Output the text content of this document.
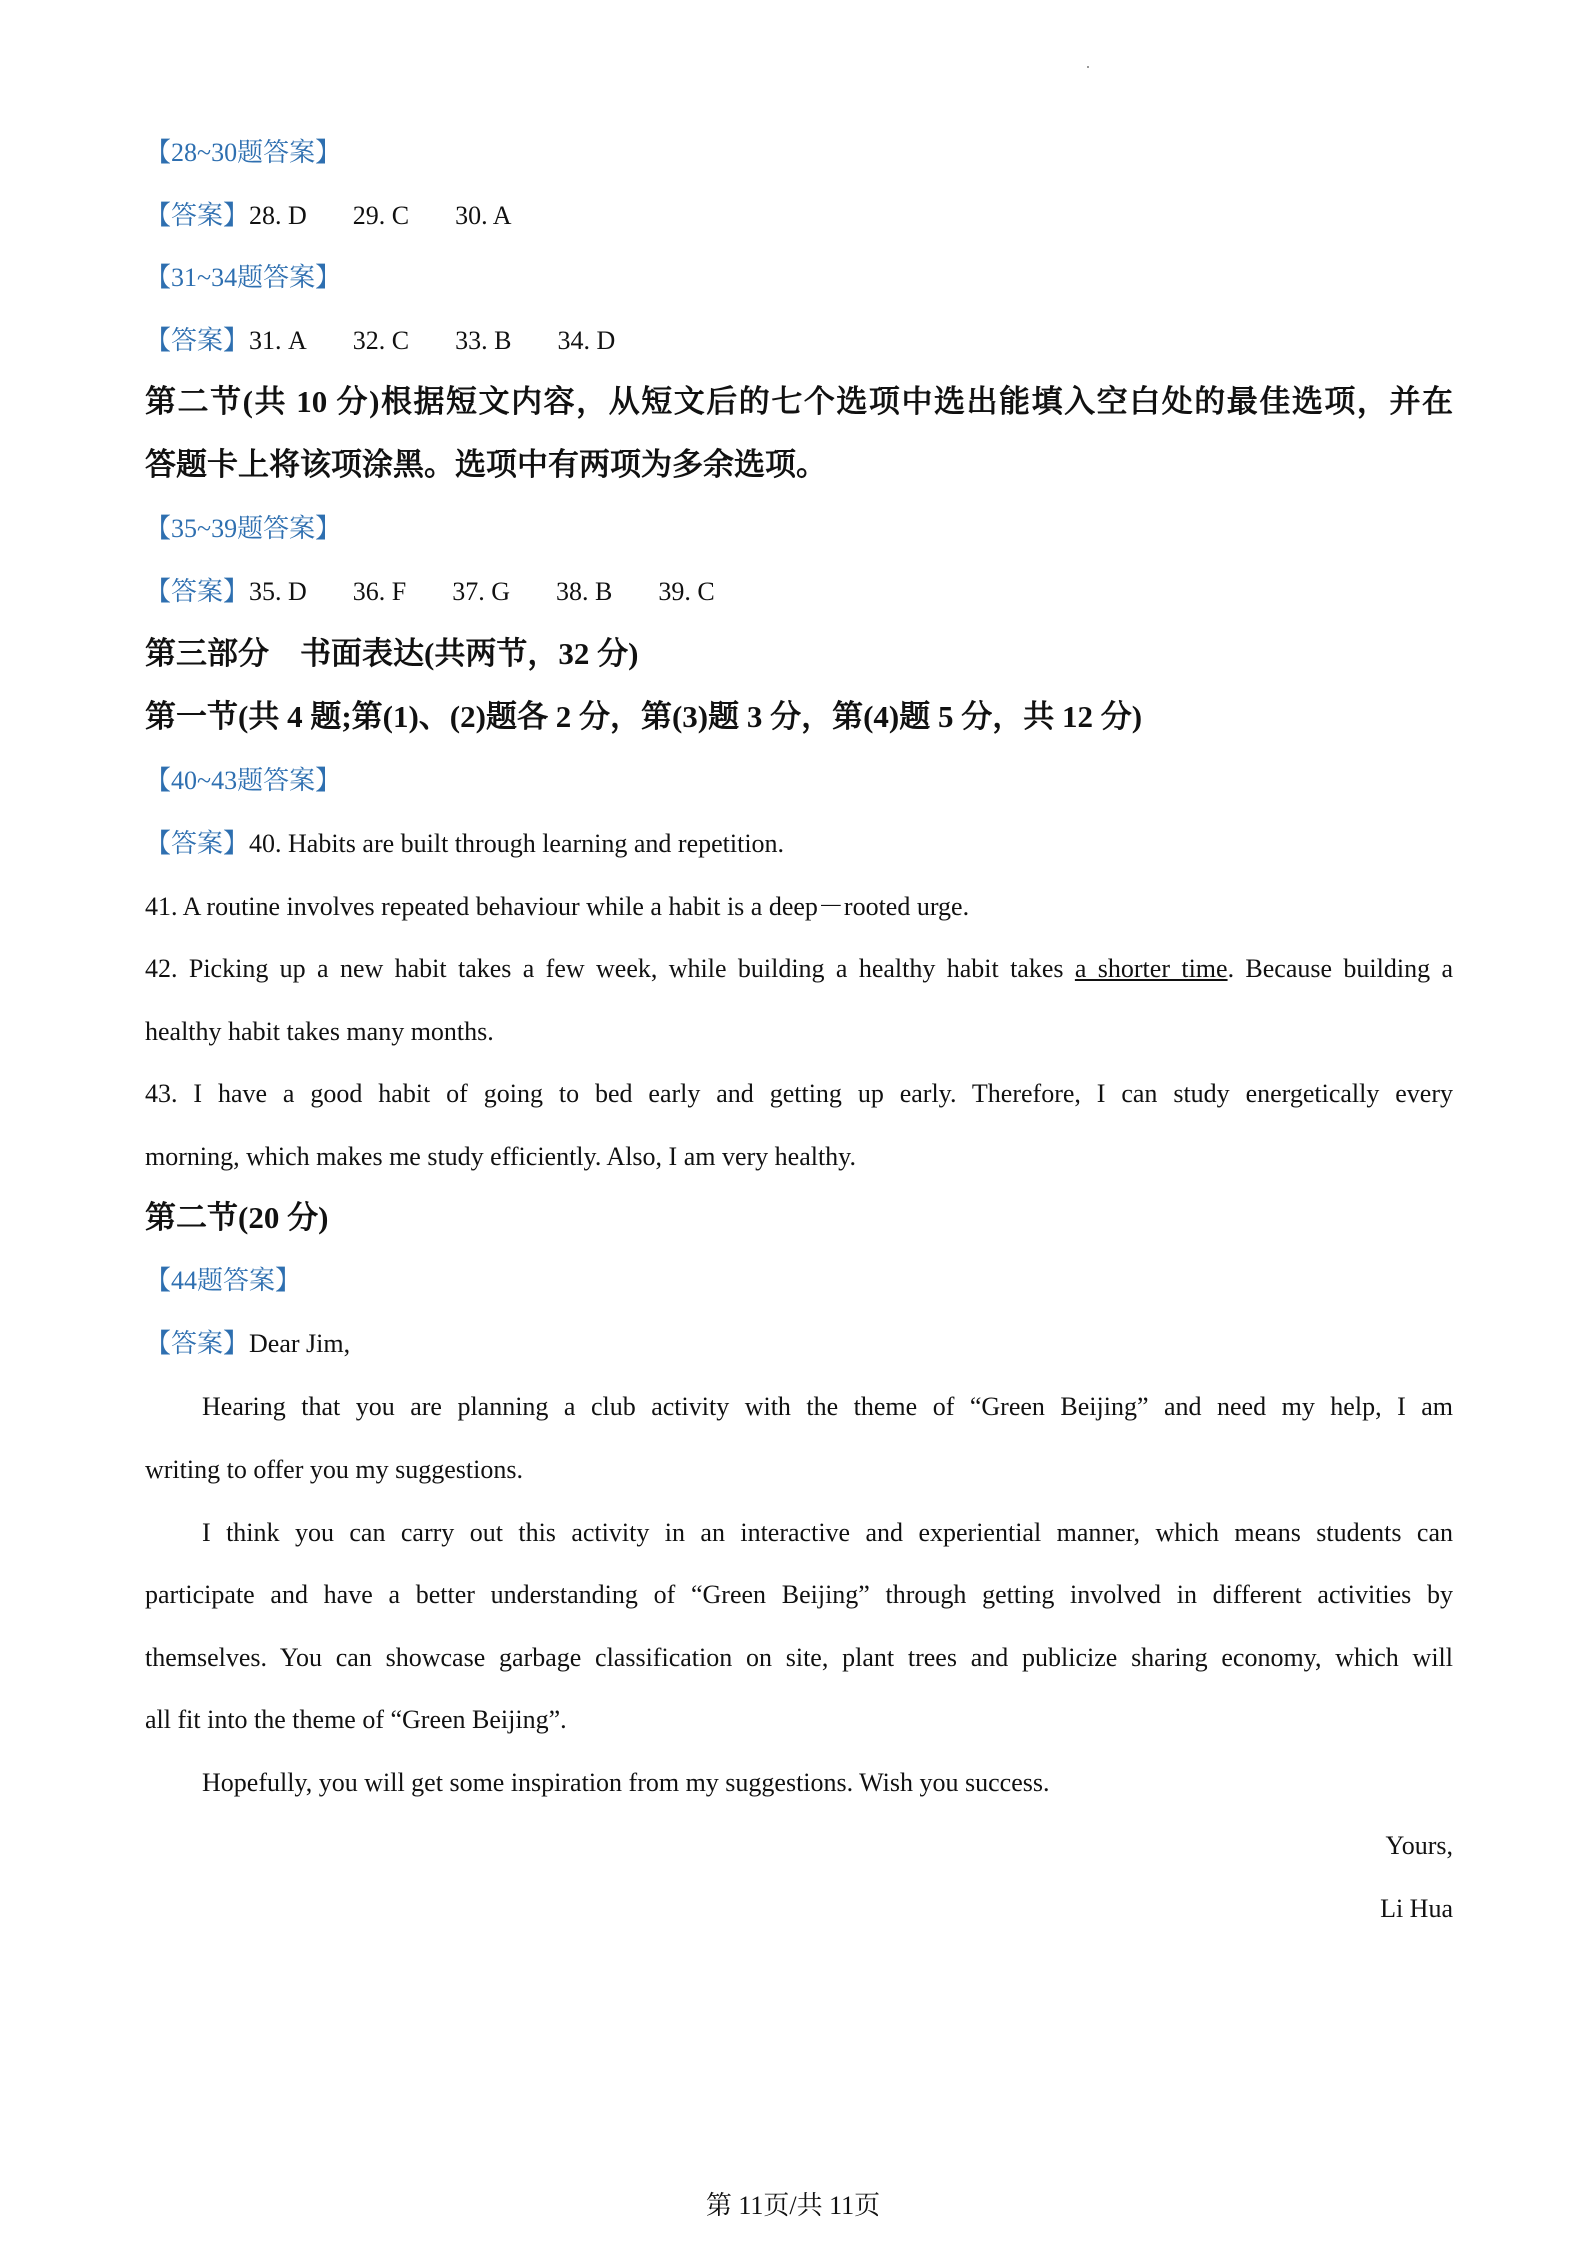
【28~30题答案】
【答案】28. D 29. C 30. A
【31~34题答案】
【答案】31. A 32. C 33. B 34. D
第二节(共 10 分)根据短文内容，从短文后的七个选项中选出能填入空白处的最佳选项，并在
答题卡上将该项涂黑。选项中有两项为多余选项。
【35~39题答案】
【答案】35. D 36. F 37. G 38. B 39. C
第三部分　书面表达(共两节，32 分)
第一节(共 4 题;第(1)、(2)题各 2 分，第(3)题 3 分，第(4)题 5 分，共 12 分)
【40~43题答案】
【答案】40. Habits are built through learning and repetition.
41. A routine involves repeated behaviour while a habit is a deep－rooted urge.
42. Picking up a new habit takes a few week, while building a healthy habit takes a shorter time. Because building a
healthy habit takes many months.
43. I have a good habit of going to bed early and getting up early. Therefore, I can study energetically every
morning, which makes me study efficiently. Also, I am very healthy.
第二节(20 分)
【44题答案】
【答案】Dear Jim,
Hearing that you are planning a club activity with the theme of “Green Beijing” and need my help, I am
writing to offer you my suggestions.
I think you can carry out this activity in an interactive and experiential manner, which means students can
participate and have a better understanding of “Green Beijing” through getting involved in different activities by
themselves. You can showcase garbage classification on site, plant trees and publicize sharing economy, which will
all fit into the theme of “Green Beijing”.
Hopefully, you will get some inspiration from my suggestions. Wish you success.
Yours,
Li Hua
第 11页/共 11页
